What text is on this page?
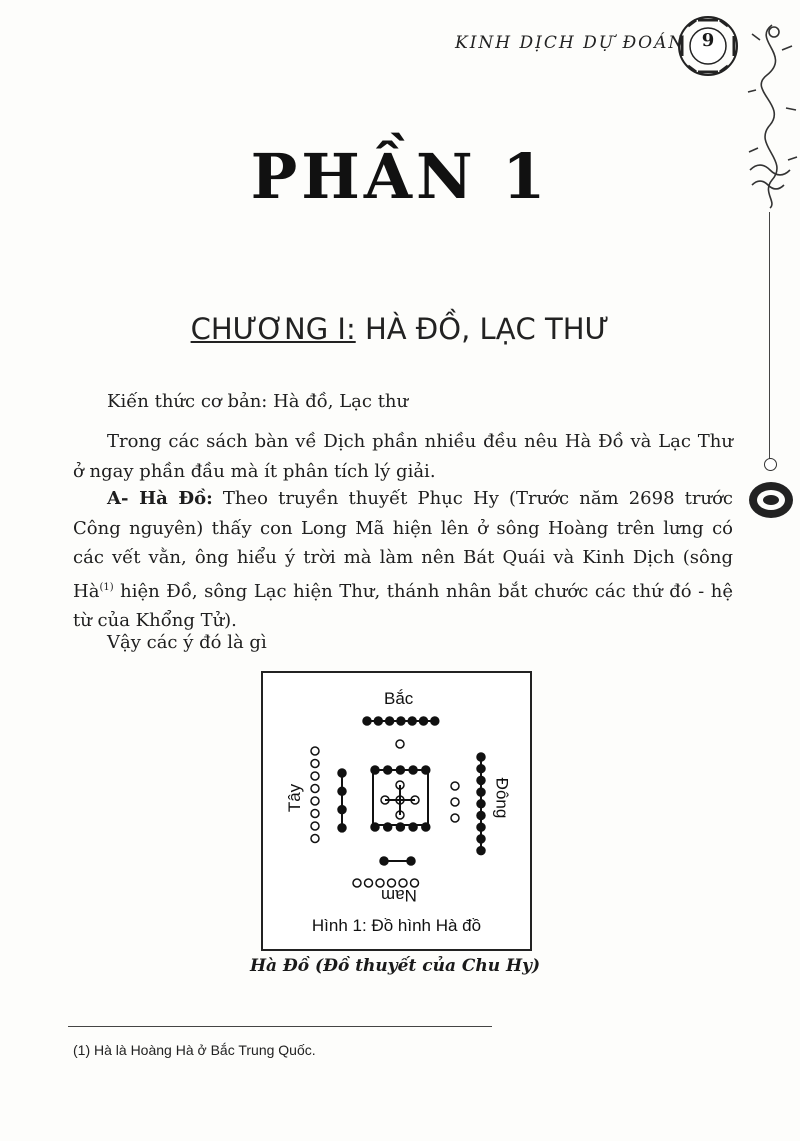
KINH DỊCH DỰ ĐOÁN 9
PHẦN 1
CHƯƠNG I: HÀ ĐỒ, LẠC THƯ
Kiến thức cơ bản: Hà đồ, Lạc thư
Trong các sách bàn về Dịch phần nhiều đều nêu Hà Đồ và Lạc Thư ở ngay phần đầu mà ít phân tích lý giải.
A- Hà Đồ: Theo truyền thuyết Phục Hy (Trước năm 2698 trước Công nguyên) thấy con Long Mã hiện lên ở sông Hoàng trên lưng có các vết vằn, ông hiểu ý trời mà làm nên Bát Quái và Kinh Dịch (sông $Hà^{(1)}$ hiện Đồ, sông Lạc hiện Thư, thánh nhân bắt chước các thứ đó - hệ từ của Khổng Tử).
Vậy các ý đó là gì
Bắc
Tây	Đông
Nam
Hình 1: Đồ hình Hà đồ
Hà Đồ (Đồ thuyết của Chu Hy)
(1) Hà là Hoàng Hà ở Bắc Trung Quốc.
